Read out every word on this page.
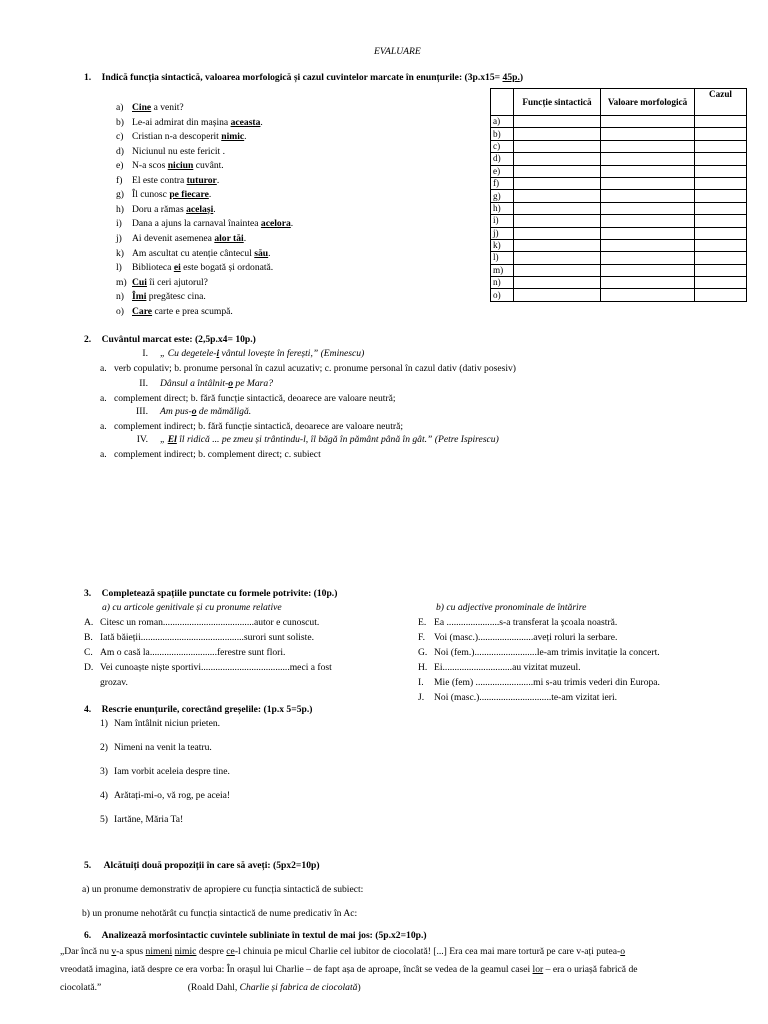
EVALUARE
1. Indică funcția sintactică, valoarea morfologică și cazul cuvintelor marcate în enunțurile: (3p.x15= 45p.)
a) Cine a venit?
b) Le-ai admirat din mașina aceasta.
c) Cristian n-a descoperit nimic.
d) Niciunul nu este fericit .
e) N-a scos niciun cuvânt.
f) El este contra tuturor.
g) Îl cunosc pe fiecare.
h) Doru a rămas același.
i) Dana a ajuns la carnaval înaintea acelora.
j) Ai devenit asemenea alor tăi.
k) Am ascultat cu atenție cântecul său.
l) Biblioteca ei este bogată și ordonată.
m) Cui îi ceri ajutorul?
n) Îmi pregătesc cina.
o) Care carte e prea scumpă.
	Funcție sintactică	Valoare morfologică	Cazul
a)			
b)			
c)			
d)			
e)			
f)			
g)			
h)			
i)			
j)			
k)			
l)			
m)			
n)			
o)			
2. Cuvântul marcat este: (2,5p.x4= 10p.)
I. „ Cu degetele-i vântul lovește în ferești,” (Eminescu)
a. verb copulativ; b. pronume personal în cazul acuzativ; c. pronume personal în cazul dativ (dativ posesiv)
II. Dânsul a întâlnit-o pe Mara?
a. complement direct; b. fără funcție sintactică, deoarece are valoare neutră;
III. Am pus-o de mămăligă.
a. complement indirect; b. fără funcție sintactică, deoarece are valoare neutră;
IV. „ El îl ridică ... pe zmeu și trântindu-l, îl băgă în pământ până în gât.” (Petre Ispirescu)
a. complement indirect; b. complement direct; c. subiect
3. Completează spațiile punctate cu formele potrivite: (10p.)
a) cu articole genitivale și cu pronume relative	b) cu adjective pronominale de întărire
A. Citesc un roman......................................autor e cunoscut.
B. Iată băieții...........................................surori sunt soliste.
C. Am o casă la............................ferestre sunt flori.
D. Vei cunoaște niște sportivi.....................................meci a fost
grozav.
E. Ea ......................s-a transferat la școala noastră.
F. Voi (masc.).......................aveți roluri la serbare.
G. Noi (fem.)..........................le-am trimis invitație la concert.
H. Ei.............................au vizitat muzeul.
I. Mie (fem) ........................mi s-au trimis vederi din Europa.
J. Noi (masc.)..............................te-am vizitat ieri.
4. Rescrie enunțurile, corectând greșelile: (1p.x 5=5p.)
1) Nam întâlnit niciun prieten.
2) Nimeni na venit la teatru.
3) Iam vorbit aceleia despre tine.
4) Arătați-mi-o, vă rog, pe aceia!
5) Iartăne, Măria Ta!
5. Alcătuiți două propoziții în care să aveți: (5px2=10p)
a) un pronume demonstrativ de apropiere cu funcția sintactică de subiect:
b) un pronume nehotărât cu funcția sintactică de nume predicativ în Ac:
6. Analizează morfosintactic cuvintele subliniate în textul de mai jos: (5p.x2=10p.)
„Dar încă nu v-a spus nimeni nimic despre ce-l chinuia pe micul Charlie cel iubitor de ciocolată! [...] Era cea mai mare tortură pe care v-ați putea-o
vreodată imagina, iată despre ce era vorba: În orașul lui Charlie – de fapt așa de aproape, încât se vedea de la geamul casei lor – era o uriașă fabrică de
ciocolată.”	(Roald Dahl, Charlie și fabrica de ciocolată)
